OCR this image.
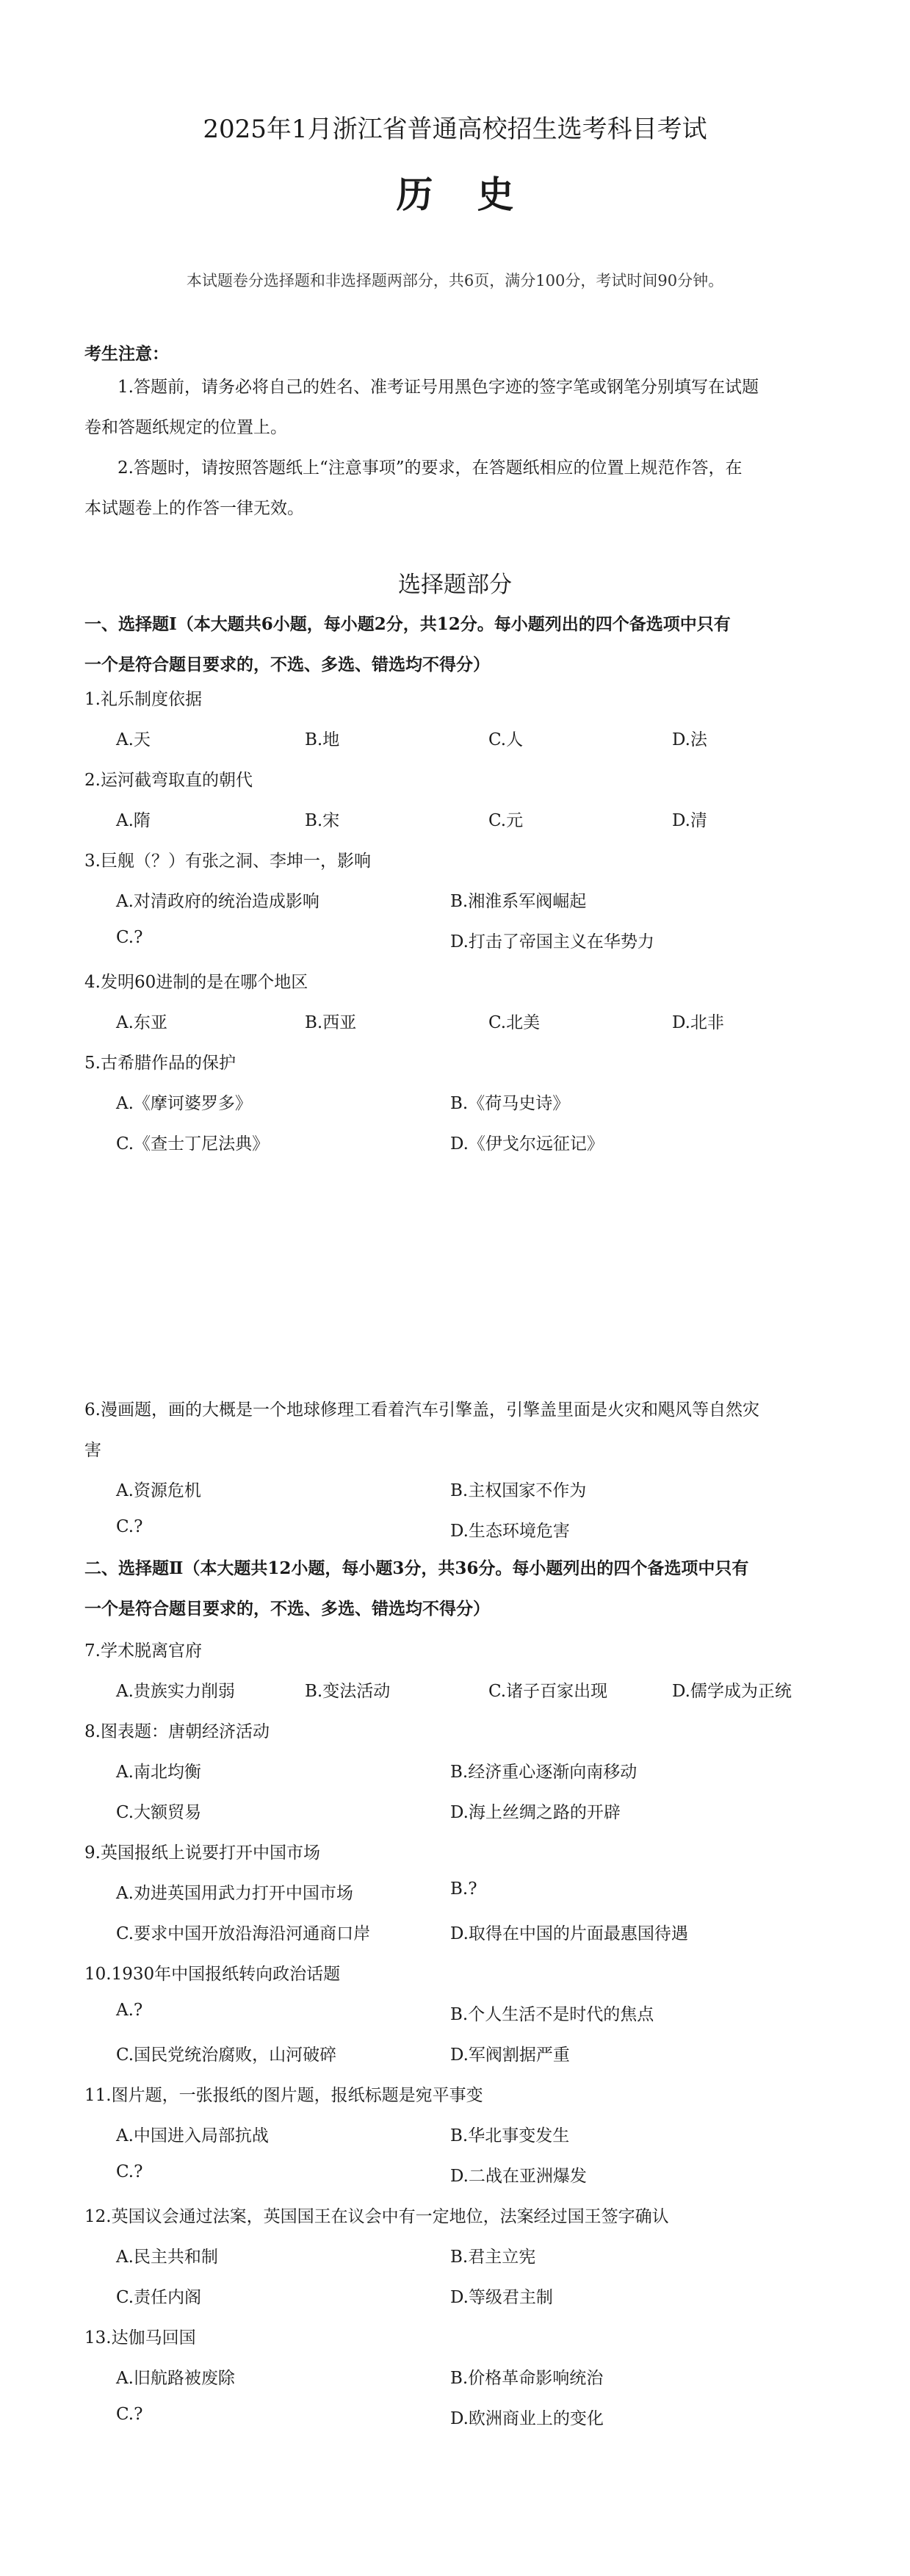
2025年1月浙江省普通高校招生选考科目考试
历史
本试题卷分选择题和非选择题两部分，共6页，满分100分，考试时间90分钟。
考生注意：
1.答题前，请务必将自己的姓名、准考证号用黑色字迹的签字笔或钢笔分别填写在试题
卷和答题纸规定的位置上。
2.答题时，请按照答题纸上“注意事项”的要求，在答题纸相应的位置上规范作答，在
本试题卷上的作答一律无效。
选择题部分
一、选择题Ⅰ（本大题共6小题，每小题2分，共12分。每小题列出的四个备选项中只有
一个是符合题目要求的，不选、多选、错选均不得分）
1.礼乐制度依据
A.天	B.地	C.人	D.法
2.运河截弯取直的朝代
A.隋	B.宋	C.元	D.清
3.巨舰（？）有张之洞、李坤一，影响
A.对清政府的统治造成影响	B.湘淮系军阀崛起
C.?	D.打击了帝国主义在华势力
4.发明60进制的是在哪个地区
A.东亚	B.西亚	C.北美	D.北非
5.古希腊作品的保护
A.《摩诃婆罗多》	B.《荷马史诗》
C.《查士丁尼法典》	D.《伊戈尔远征记》
6.漫画题，画的大概是一个地球修理工看着汽车引擎盖，引擎盖里面是火灾和飓风等自然灾
害
A.资源危机	B.主权国家不作为
C.?	D.生态环境危害
二、选择题Ⅱ（本大题共12小题，每小题3分，共36分。每小题列出的四个备选项中只有
一个是符合题目要求的，不选、多选、错选均不得分）
7.学术脱离官府
A.贵族实力削弱	B.变法活动	C.诸子百家出现	D.儒学成为正统
8.图表题：唐朝经济活动
A.南北均衡	B.经济重心逐渐向南移动
C.大额贸易	D.海上丝绸之路的开辟
9.英国报纸上说要打开中国市场
A.劝进英国用武力打开中国市场	B.?
C.要求中国开放沿海沿河通商口岸	D.取得在中国的片面最惠国待遇
10.1930年中国报纸转向政治话题
A.?	B.个人生活不是时代的焦点
C.国民党统治腐败，山河破碎	D.军阀割据严重
11.图片题，一张报纸的图片题，报纸标题是宛平事变
A.中国进入局部抗战	B.华北事变发生
C.?	D.二战在亚洲爆发
12.英国议会通过法案，英国国王在议会中有一定地位，法案经过国王签字确认
A.民主共和制	B.君主立宪
C.责任内阁	D.等级君主制
13.达伽马回国
A.旧航路被废除	B.价格革命影响统治
C.?	D.欧洲商业上的变化
